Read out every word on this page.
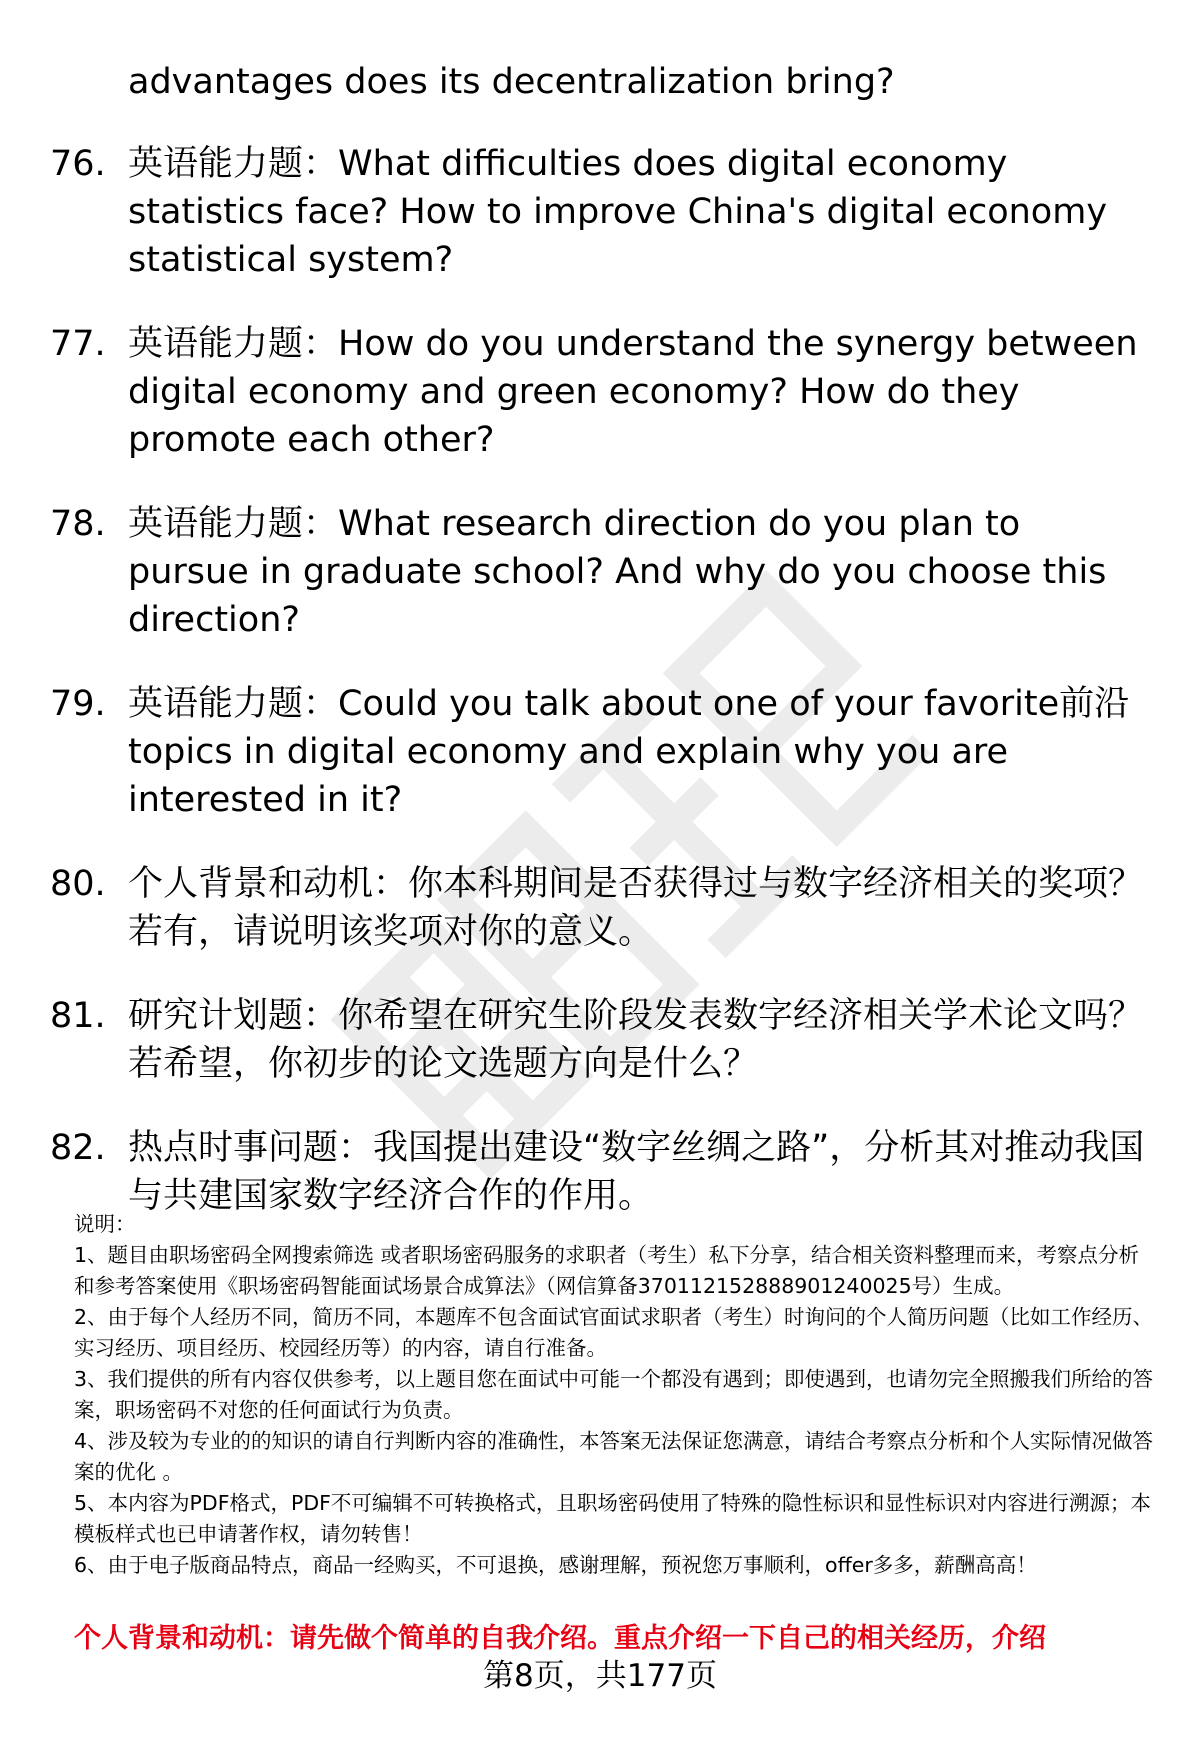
advantages does its decentralization bring?
76. 英语能力题：What difficulties does digital economy statistics face? How to improve China's digital economy statistical system?
77. 英语能力题：How do you understand the synergy between digital economy and green economy? How do they promote each other?
78. 英语能力题：What research direction do you plan to pursue in graduate school? And why do you choose this direction?
79. 英语能力题：Could you talk about one of your favorite前沿 topics in digital economy and explain why you are interested in it?
80. 个人背景和动机：你本科期间是否获得过与数字经济相关的奖项？若有，请说明该奖项对你的意义。
81. 研究计划题：你希望在研究生阶段发表数字经济相关学术论文吗？若希望，你初步的论文选题方向是什么？
82. 热点时事问题：我国提出建设“数字丝绸之路”，分析其对推动我国与共建国家数字经济合作的作用。

说明：

1、题目由职场密码全网搜索筛选 或者职场密码服务的求职者（考生）私下分享，结合相关资料整理而来，考察点分析和参考答案使用《职场密码智能面试场景合成算法》（网信算备370112152888901240025号）生成。

2、由于每个人经历不同，简历不同，本题库不包含面试官面试求职者（考生）时询问的个人简历问题（比如工作经历、实习经历、项目经历、校园经历等）的内容，请自行准备。

3、我们提供的所有内容仅供参考，以上题目您在面试中可能一个都没有遇到；即使遇到，也请勿完全照搬我们所给的答案，职场密码不对您的任何面试行为负责。

4、涉及较为专业的的知识的请自行判断内容的准确性，本答案无法保证您满意，请结合考察点分析和个人实际情况做答案的优化 。

5、本内容为PDF格式，PDF不可编辑不可转换格式，且职场密码使用了特殊的隐性标识和显性标识对内容进行溯源；本模板样式也已申请著作权，请勿转售！

6、由于电子版商品特点，商品一经购买，不可退换，感谢理解，预祝您万事顺利，offer多多，薪酬高高！

个人背景和动机：请先做个简单的自我介绍。重点介绍一下自己的相关经历，介绍
第8页，共177页
